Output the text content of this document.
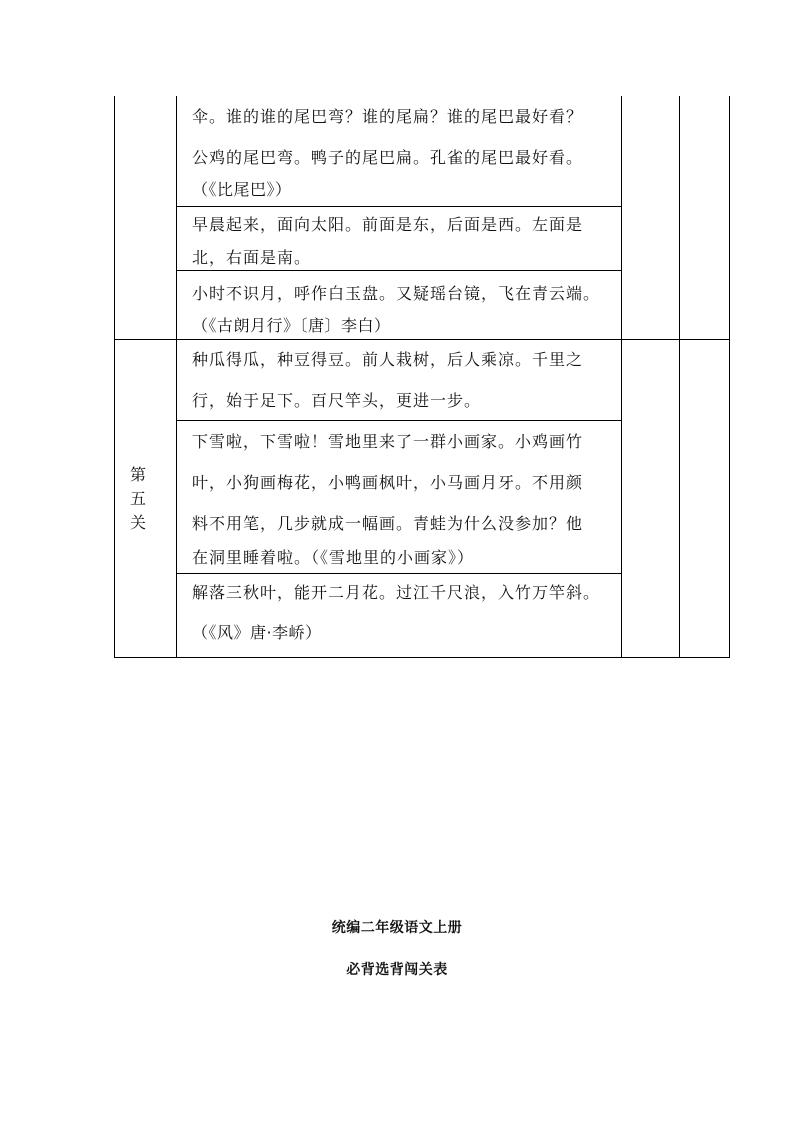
伞。谁的谁的尾巴弯？谁的尾扁？谁的尾巴最好看？
公鸡的尾巴弯。鸭子的尾巴扁。孔雀的尾巴最好看。
（《比尾巴》）
早晨起来，面向太阳。前面是东，后面是西。左面是
北，右面是南。
小时不识月，呼作白玉盘。又疑瑶台镜，飞在青云端。
（《古朗月行》〔唐〕李白）
第
五
关
种瓜得瓜，种豆得豆。前人栽树，后人乘凉。千里之
行，始于足下。百尺竿头，更进一步。
下雪啦，下雪啦！雪地里来了一群小画家。小鸡画竹
叶，小狗画梅花，小鸭画枫叶，小马画月牙。不用颜
料不用笔，几步就成一幅画。青蛙为什么没参加？他
在洞里睡着啦。（《雪地里的小画家》）
解落三秋叶，能开二月花。过江千尺浪，入竹万竿斜。
（《风》唐·李峤）
统编二年级语文上册
必背选背闯关表
